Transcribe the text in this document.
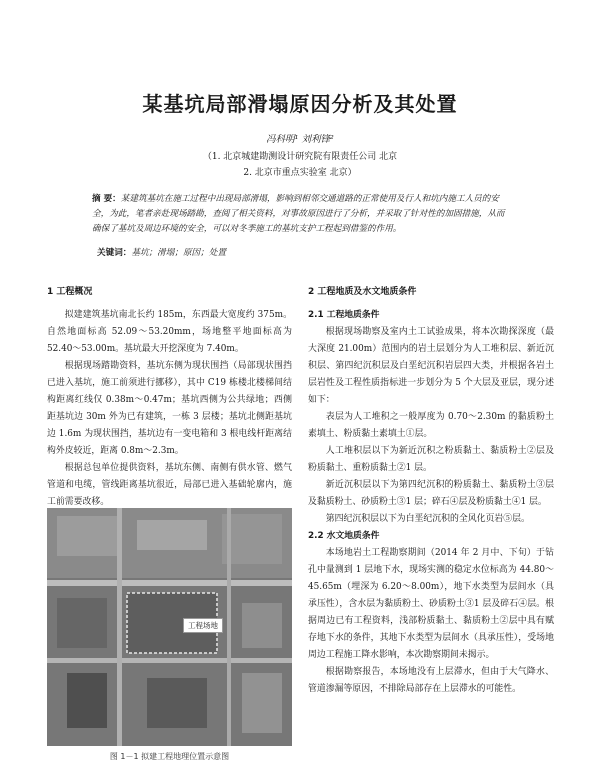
某基坑局部滑塌原因分析及其处置
冯科明¹ 刘利锋²
（1. 北京城建勘测设计研究院有限责任公司 北京
2. 北京市重点实验室 北京）
摘 要：某建筑基坑在施工过程中出现局部滑塌，影响到相邻交通道路的正常使用及行人和坑内施工人员的安全，为此，笔者亲赴现场踏勘，查阅了相关资料，对事故原因进行了分析，并采取了针对性的加固措施，从而确保了基坑及周边环境的安全，可以对冬季施工的基坑支护工程起到借鉴的作用。
关键词：基坑；滑塌；原因；处置
1 工程概况

拟建建筑基坑南北长约 185m，东西最大宽度约 375m。自然地面标高 52.09～53.20mm，场地整平地面标高为 52.40～53.00m。基坑最大开挖深度为 7.40m。

根据现场踏勘资料，基坑东侧为现状围挡（局部现状围挡已进入基坑，施工前须进行挪移），其中 C19 栋楼北楼梯间结构距离红线仅 0.38m～0.47m；基坑西侧为公共绿地；西侧距基坑边 30m 外为已有建筑，一栋 3 层楼；基坑北侧距基坑边 1.6m 为现状围挡，基坑边有一变电箱和 3 根电线杆距离结构外皮较近，距离 0.8m～2.3m。

根据总包单位提供资料，基坑东侧、南侧有供水管、燃气管道和电缆，管线距离基坑很近，局部已进入基础轮廓内，施工前需要改移。

工程场地
图 1－1 拟建工程地理位置示意图
2 工程地质及水文地质条件
2.1 工程地质条件

根据现场勘察及室内土工试验成果，将本次勘探深度（最大深度 21.00m）范围内的岩土层划分为人工堆积层、新近沉积层、第四纪沉积层及白垩纪沉积岩层四大类，并根据各岩土层岩性及工程性质指标进一步划分为 5 个大层及亚层，现分述如下：

表层为人工堆积之一般厚度为 0.70～2.30m 的黏质粉土素填土、粉质黏土素填土①层。

人工堆积层以下为新近沉积之粉质黏土、黏质粉土②层及粉质黏土、重粉质黏土②1 层。

新近沉积层以下为第四纪沉积的粉质黏土、黏质粉土③层及黏质粉土、砂质粉土③1 层；碎石④层及粉质黏土④1 层。

第四纪沉积层以下为白垩纪沉积的全风化页岩⑤层。

2.2 水文地质条件

本场地岩土工程勘察期间（2014 年 2 月中、下旬）于钻孔中量测到 1 层地下水，现场实测的稳定水位标高为 44.80～45.65m（埋深为 6.20～8.00m），地下水类型为层间水（具承压性），含水层为黏质粉土、砂质粉土③1 层及碎石④层。根据周边已有工程资料，浅部粉质黏土、黏质粉土②层中具有赋存地下水的条件，其地下水类型为层间水（具承压性），受场地周边工程施工降水影响，本次勘察期间未揭示。

根据勘察报告，本场地没有上层滞水，但由于大气降水、管道渗漏等原因，不排除局部存在上层滞水的可能性。
